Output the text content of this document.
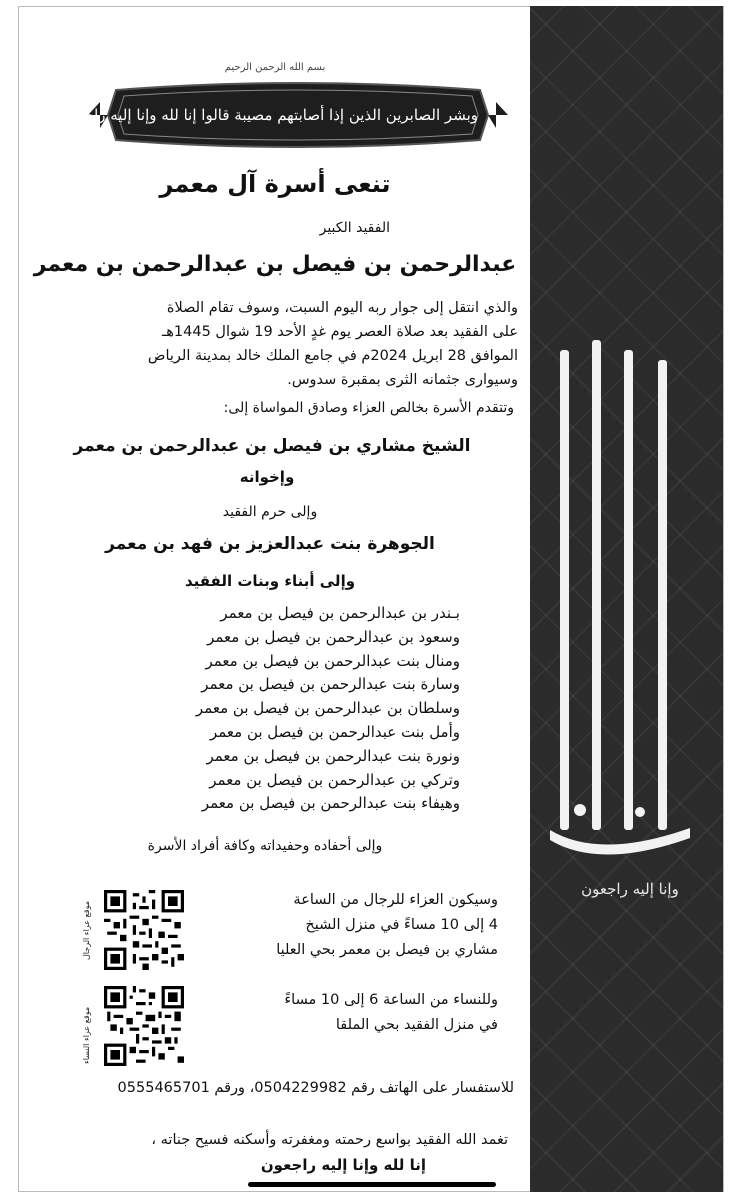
وإنا إليه راجعون
بسم الله الرحمن الرحيم
وبشر الصابرين الذين إذا أصابتهم مصيبة قالوا إنا لله وإنا إليه راجعون
تنعى أسرة آل معمر
الفقيد الكبير
عبدالرحمن بن فيصل بن عبدالرحمن بن معمر
والذي انتقل إلى جوار ربه اليوم السبت، وسوف تقام الصلاة
على الفقيد بعد صلاة العصر يوم غدٍ الأحد 19 شوال 1445هـ
الموافق 28 ابريل 2024م في جامع الملك خالد بمدينة الرياض
وسيوارى جثمانه الثرى بمقبرة سدوس.
وتتقدم الأسرة بخالص العزاء وصادق المواساة إلى:
الشيخ مشاري بن فيصل بن عبدالرحمن بن معمر
وإخوانه
وإلى حرم الفقيد
الجوهرة بنت عبدالعزيز بن فهد بن معمر
وإلى أبناء وبنات الفقيد
بـندر بن عبدالرحمن بن فيصل بن معمر
وسعود بن عبدالرحمن بن فيصل بن معمر
ومنال بنت عبدالرحمن بن فيصل بن معمر
وسارة بنت عبدالرحمن بن فيصل بن معمر
وسلطان بن عبدالرحمن بن فيصل بن معمر
وأمل بنت عبدالرحمن بن فيصل بن معمر
ونورة بنت عبدالرحمن بن فيصل بن معمر
وتركي بن عبدالرحمن بن فيصل بن معمر
وهيفاء بنت عبدالرحمن بن فيصل بن معمر
وإلى أحفاده وحفيداته وكافة أفراد الأسرة
وسيكون العزاء للرجال من الساعة
4 إلى 10 مساءً في منزل الشيخ
مشاري بن فيصل بن معمر بحي العليا
وللنساء من الساعة 6 إلى 10 مساءً
في منزل الفقيد بحي الملقا
موقع عزاء الرجال
موقع عزاء النساء
للاستفسار على الهاتف رقم 0504229982، ورقم 0555465701
تغمد الله الفقيد بواسع رحمته ومغفرته وأسكنه فسيح جناته ،
إنا لله وإنا إليه راجعون
